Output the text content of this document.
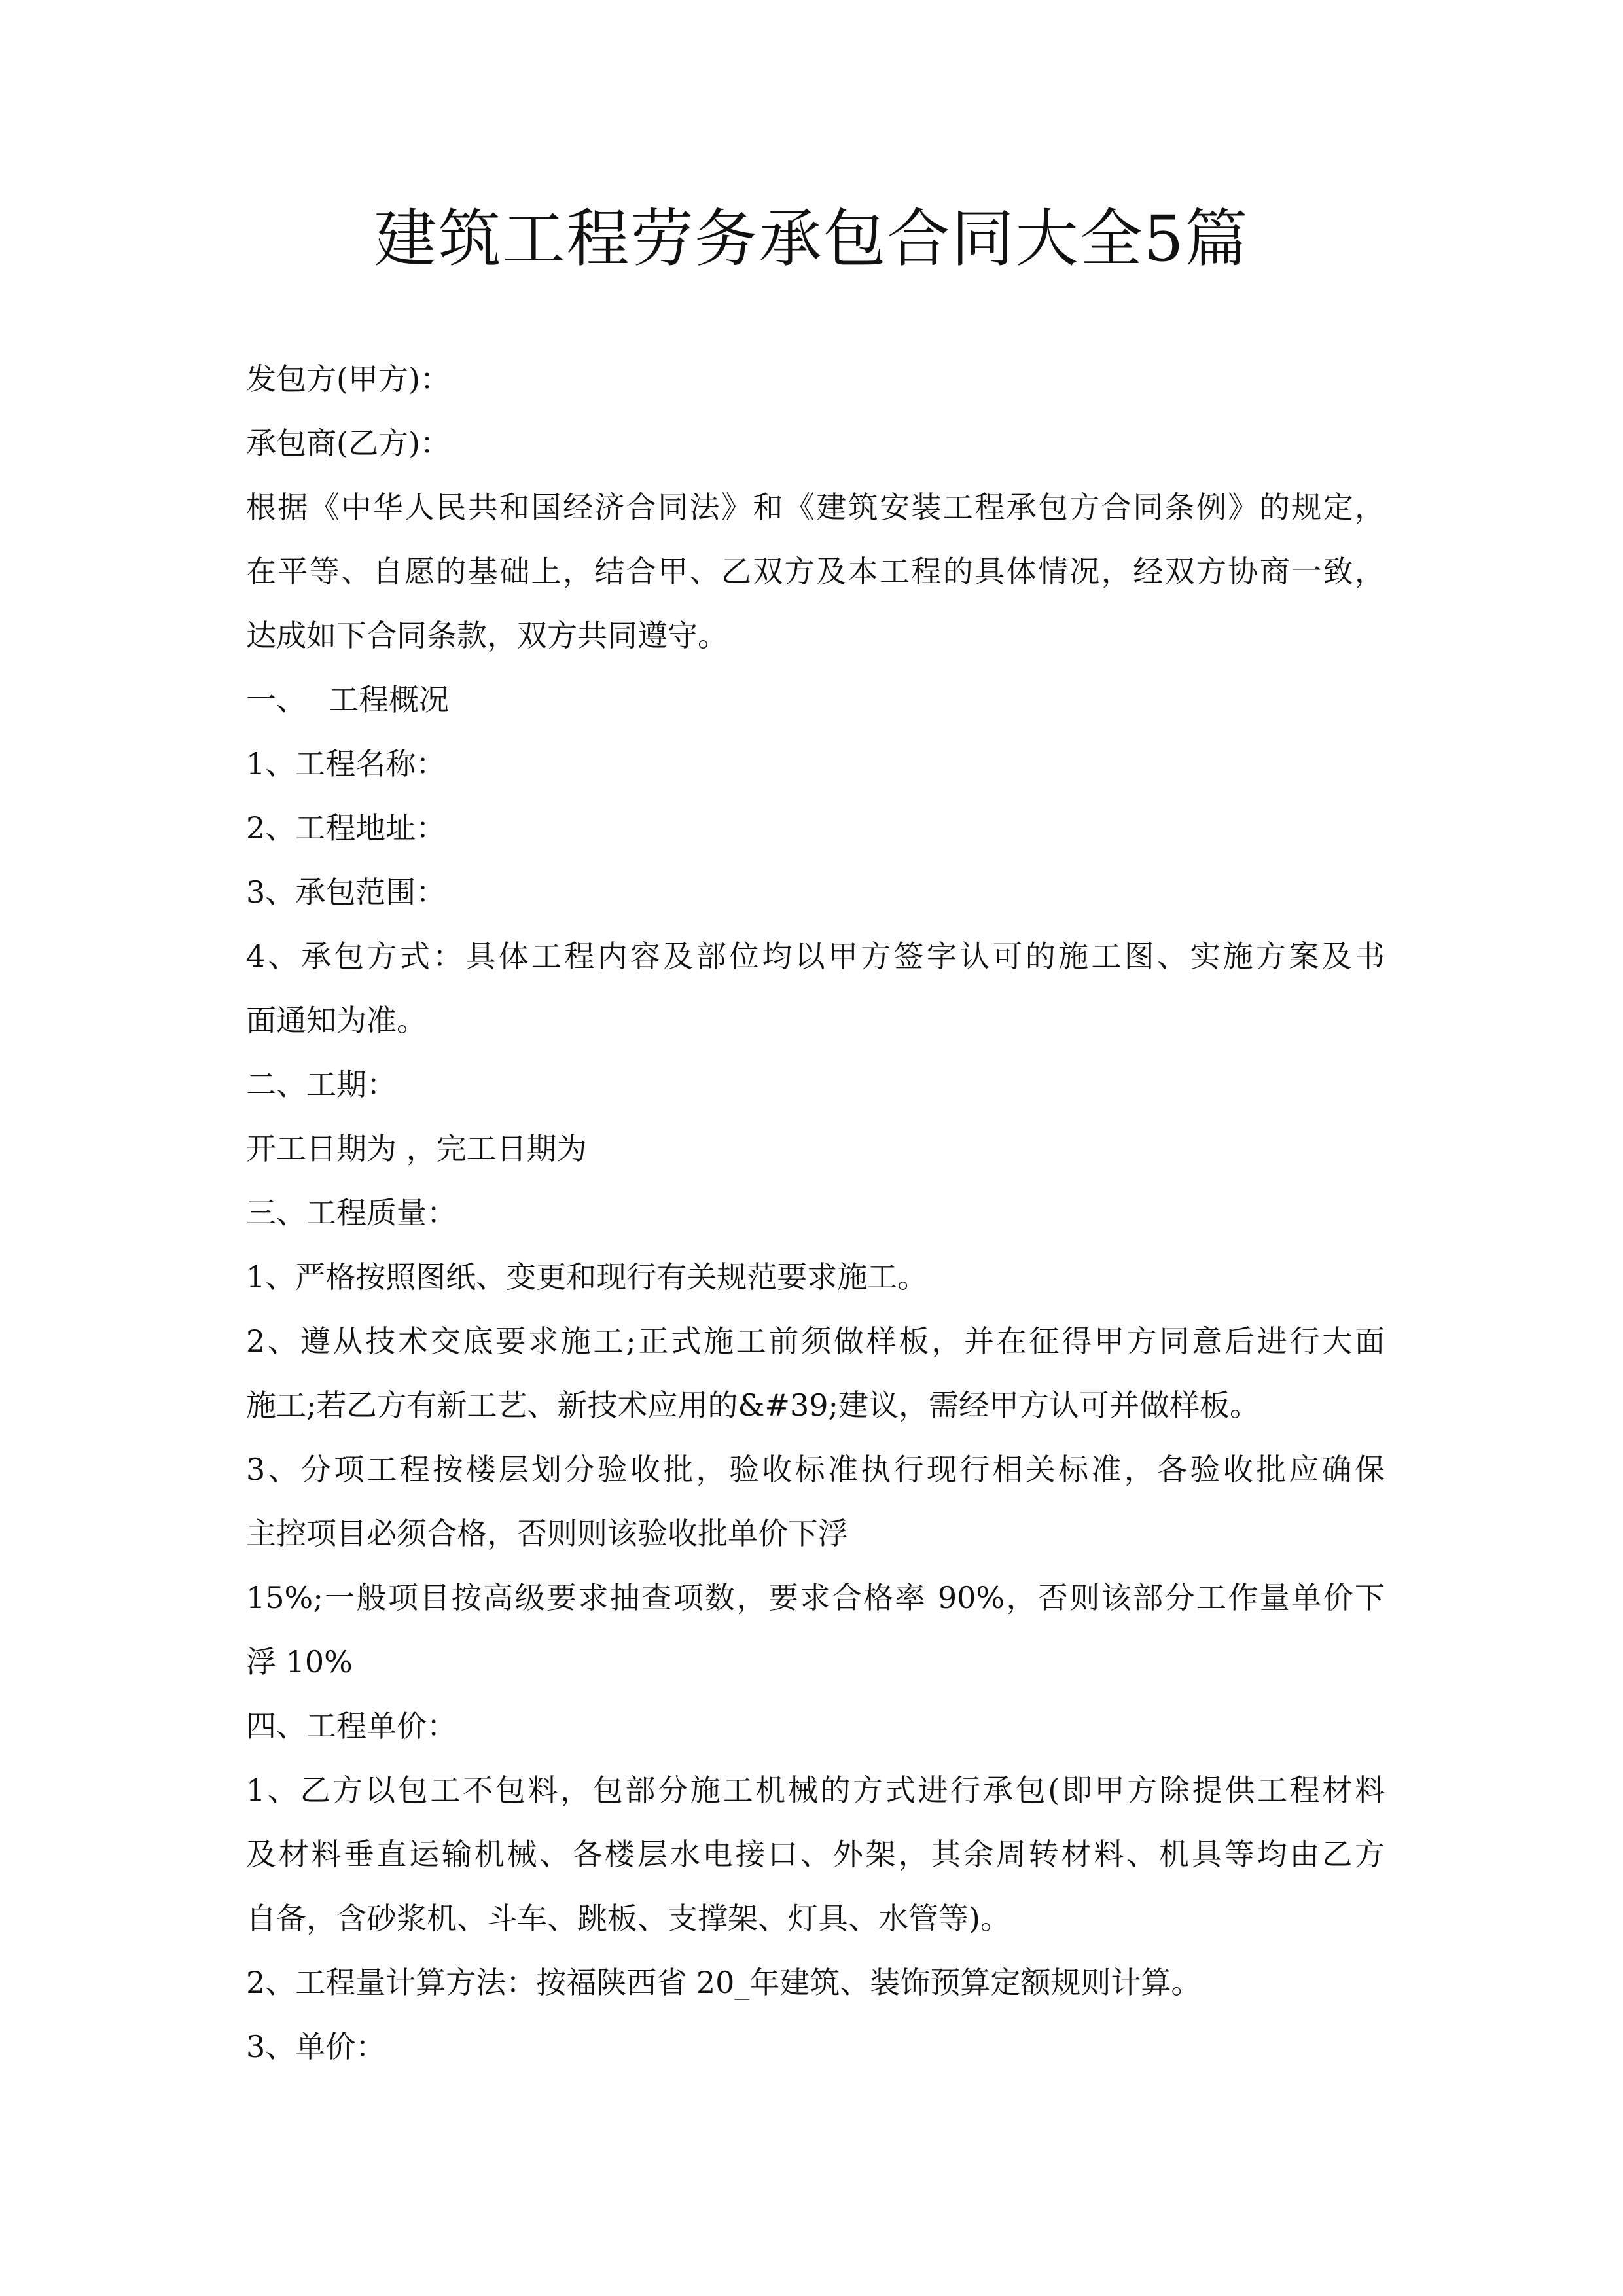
建筑工程劳务承包合同大全5篇
发包方(甲方)：
承包商(乙方)：
根据《中华人民共和国经济合同法》和《建筑安装工程承包方合同条例》的规定，
在平等、自愿的基础上，结合甲、乙双方及本工程的具体情况，经双方协商一致，
达成如下合同条款，双方共同遵守。
一、 工程概况
1、工程名称：
2、工程地址：
3、承包范围：
4、承包方式：具体工程内容及部位均以甲方签字认可的施工图、实施方案及书
面通知为准。
二、工期：
开工日期为 ，完工日期为
三、工程质量：
1、严格按照图纸、变更和现行有关规范要求施工。
2、遵从技术交底要求施工;正式施工前须做样板，并在征得甲方同意后进行大面
施工;若乙方有新工艺、新技术应用的&#39;建议，需经甲方认可并做样板。
3、分项工程按楼层划分验收批，验收标准执行现行相关标准，各验收批应确保
主控项目必须合格，否则则该验收批单价下浮
15%;一般项目按高级要求抽查项数，要求合格率 90%，否则该部分工作量单价下
浮 10%
四、工程单价：
1、乙方以包工不包料，包部分施工机械的方式进行承包(即甲方除提供工程材料
及材料垂直运输机械、各楼层水电接口、外架，其余周转材料、机具等均由乙方
自备，含砂浆机、斗车、跳板、支撑架、灯具、水管等)。
2、工程量计算方法：按福陕西省 20_年建筑、装饰预算定额规则计算。
3、单价：
